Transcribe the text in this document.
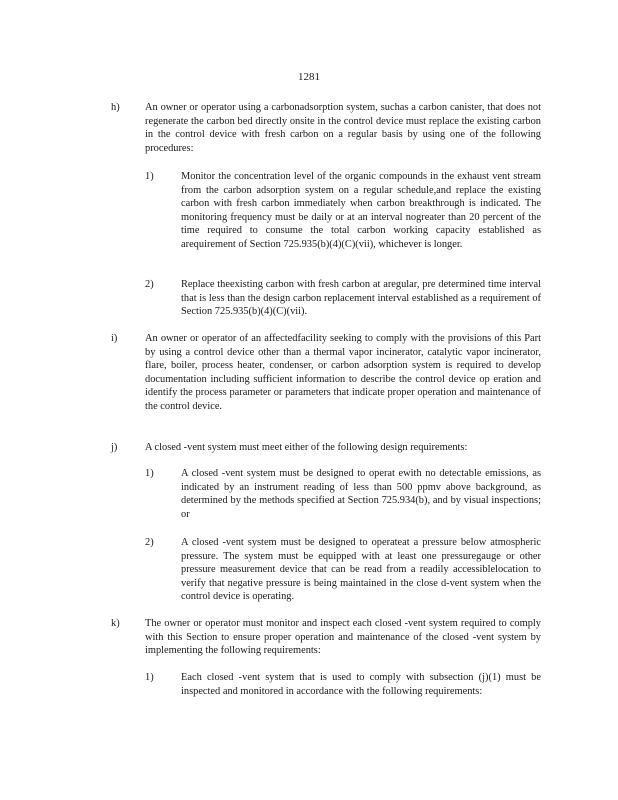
1281
h) An owner or operator using a carbonadsorption system, suchas a carbon canister, that does not regenerate the carbon bed directly onsite in the control device must replace the existing carbon in the control device with fresh carbon on a regular basis by using one of the following procedures:
1)	Monitor the concentration level of the organic compounds in the exhaust vent stream from the carbon adsorption system on a regular schedule,and replace the existing carbon with fresh carbon immediately when carbon breakthrough is indicated. The monitoring frequency must be daily or at an interval nogreater than 20 percent of the time required to consume the total carbon working capacity established as arequirement of Section 725.935(b)(4)(C)(vii), whichever is longer.
2)	Replace theexisting carbon with fresh carbon at aregular, pre determined time interval that is less than the design carbon replacement interval established as a requirement of Section 725.935(b)(4)(C)(vii).
i)	An owner or operator of an affectedfacility seeking to comply with the provisions of this Part by using a control device other than a thermal vapor incinerator, catalytic vapor incinerator, flare, boiler, process heater, condenser, or carbon adsorption system is required to develop documentation including sufficient information to describe the control device op eration and identify the process parameter or parameters that indicate proper operation and maintenance of the control device.
j)	A closed -vent system must meet either of the following design requirements:
1)	A closed -vent system must be designed to operat ewith no detectable emissions, as indicated by an instrument reading of less than 500 ppmv above background, as determined by the methods specified at Section 725.934(b), and by visual inspections; or
2)	A closed -vent system must be designed to operateat a pressure below atmospheric pressure. The system must be equipped with at least one pressuregauge or other pressure measurement device that can be read from a readily accessiblelocation to verify that negative pressure is being maintained in the close d-vent system when the control device is operating.
k) The owner or operator must monitor and inspect each closed -vent system required to comply with this Section to ensure proper operation and maintenance of the closed -vent system by implementing the following requirements:
1)	Each closed -vent system that is used to comply with subsection (j)(1) must be inspected and monitored in accordance with the following requirements:
